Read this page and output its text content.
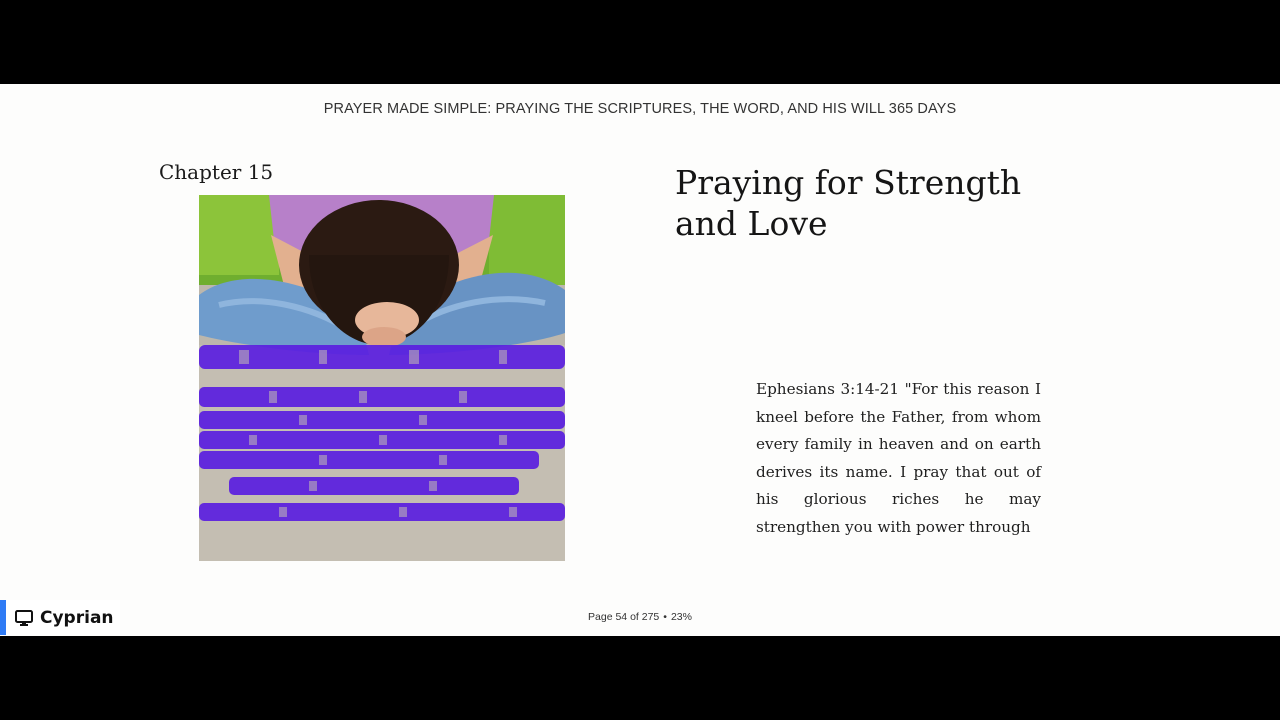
PRAYER MADE SIMPLE: PRAYING THE SCRIPTURES, THE WORD, AND HIS WILL 365 DAYS
Chapter 15	Praying for Strength and Love
Ephesians 3:14-21 "For this reason I kneel before the Father, from whom every family in heaven and on earth derives its name. I pray that out of his glorious riches he may strengthen you with power through
Cyprian	Page 54 of 275 • 23%
